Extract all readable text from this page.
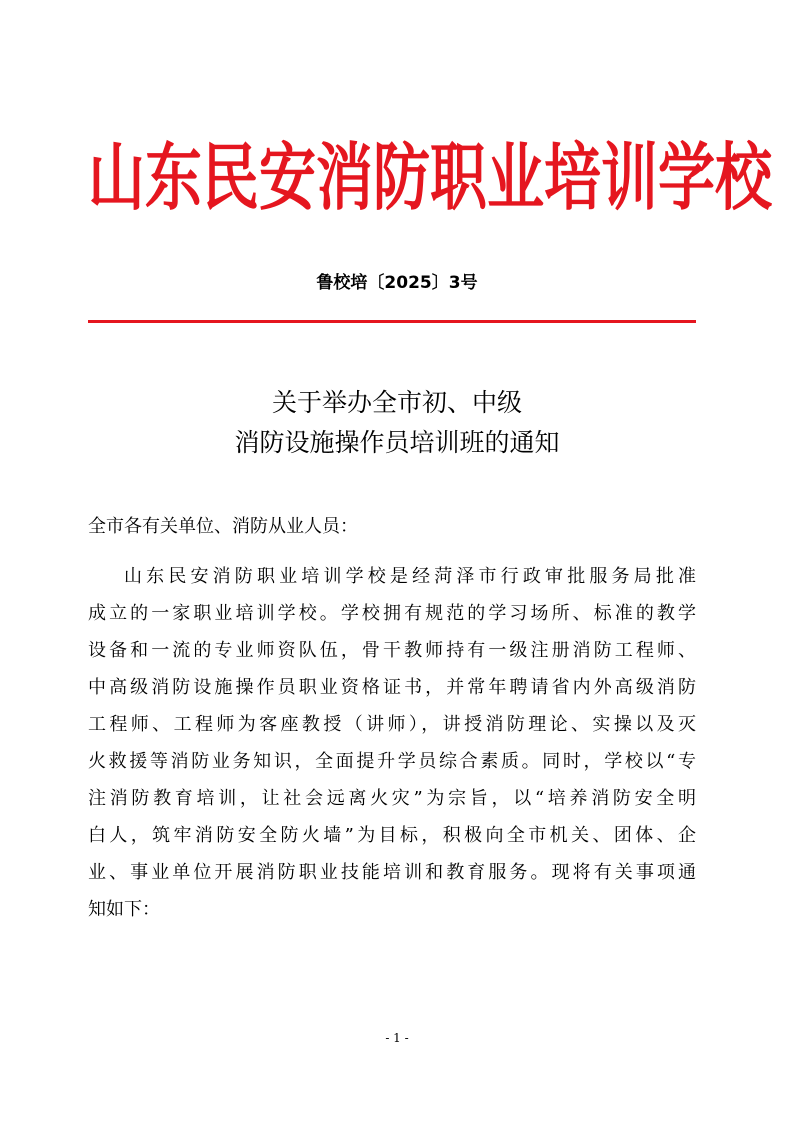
山 东 民 安 消 防 职 业 培 训 学 校
鲁校培〔2025〕3号
关于举办全市初、中级
消防设施操作员培训班的通知
全市各有关单位、消防从业人员：
山东民安消防职业培训学校是经菏泽市行政审批服务局批准
成立的一家职业培训学校。学校拥有规范的学习场所、标准的教学
设备和一流的专业师资队伍，骨干教师持有一级注册消防工程师、
中高级消防设施操作员职业资格证书，并常年聘请省内外高级消防
工程师、工程师为客座教授（讲师），讲授消防理论、实操以及灭
火救援等消防业务知识，全面提升学员综合素质。同时，学校以“专
注消防教育培训，让社会远离火灾”为宗旨，以“培养消防安全明
白人，筑牢消防安全防火墙”为目标，积极向全市机关、团体、企
业、事业单位开展消防职业技能培训和教育服务。现将有关事项通
知如下：
- 1 -
